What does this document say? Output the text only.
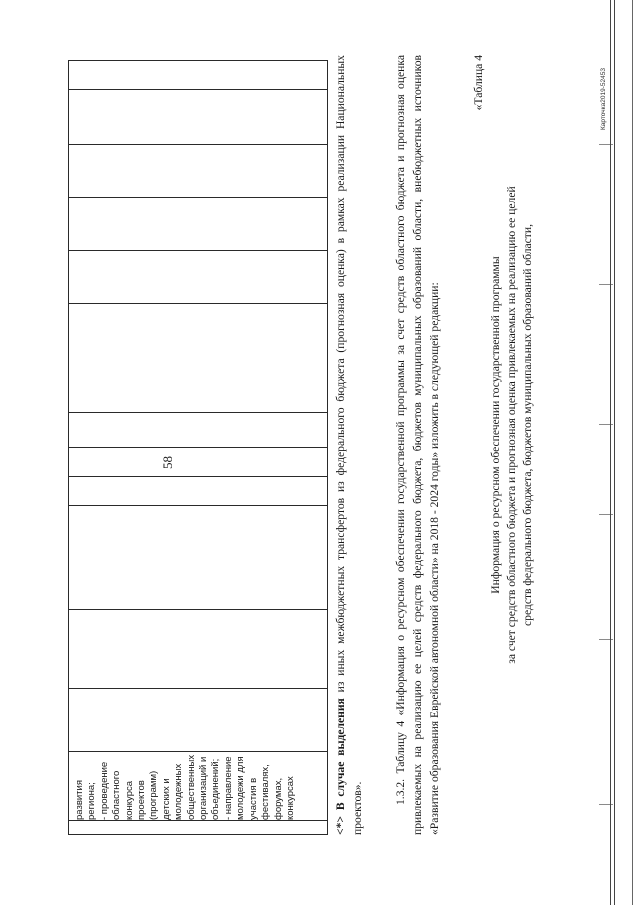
58
развития региона; - проведение областного конкурса проектов (программ) детских и молодежных общественных организаций и объединений; - направление молодежи для участия в фестивалях, форумах, конкурсах	<*> В случае выделения из иных межбюджетных трансфертов из федерального бюджета (прогнозная оценка) в рамках реализации Национальных проектов».

1.3.2. Таблицу 4 «Информация о ресурсном обеспечении государственной программы за счет средств областного бюджета и прогнозная оценка привлекаемых на реализацию ее целей средств федерального бюджета, бюджетов муниципальных образований области, внебюджетных источников «Развитие образования Еврейской автономной области» на 2018 - 2024 годы» изложить в следующей редакции:

«Таблица 4
Информация о ресурсном обеспечении государственной программы за счет средств областного бюджета и прогнозная оценка привлекаемых на реализацию ее целей средств федерального бюджета, бюджетов муниципальных образований области,
Карточка2019-52453
